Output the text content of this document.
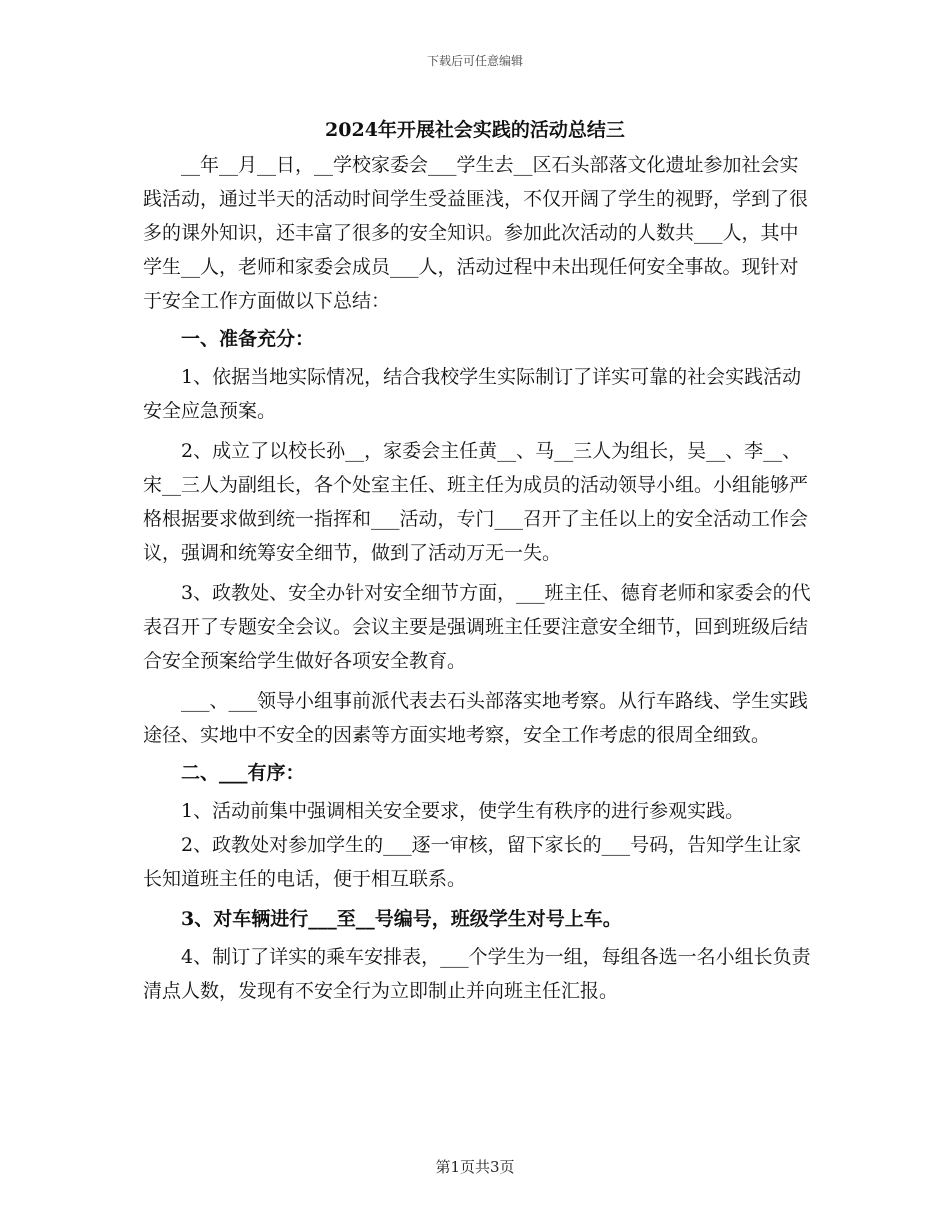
下载后可任意编辑
2024年开展社会实践的活动总结三

__年__月__日，__学校家委会___学生去__区石头部落文化遗址参加社会实践活动，通过半天的活动时间学生受益匪浅，不仅开阔了学生的视野，学到了很多的课外知识，还丰富了很多的安全知识。参加此次活动的人数共___人，其中学生__人，老师和家委会成员___人，活动过程中未出现任何安全事故。现针对于安全工作方面做以下总结：

一、准备充分：

1、依据当地实际情况，结合我校学生实际制订了详实可靠的社会实践活动安全应急预案。

2、成立了以校长孙__，家委会主任黄__、马__三人为组长，吴__、李__、宋__三人为副组长，各个处室主任、班主任为成员的活动领导小组。小组能够严格根据要求做到统一指挥和___活动，专门___召开了主任以上的安全活动工作会议，强调和统筹安全细节，做到了活动万无一失。

3、政教处、安全办针对安全细节方面，___班主任、德育老师和家委会的代表召开了专题安全会议。会议主要是强调班主任要注意安全细节，回到班级后结合安全预案给学生做好各项安全教育。

___、___领导小组事前派代表去石头部落实地考察。从行车路线、学生实践途径、实地中不安全的因素等方面实地考察，安全工作考虑的很周全细致。

二、___有序：

1、活动前集中强调相关安全要求，使学生有秩序的进行参观实践。

2、政教处对参加学生的___逐一审核，留下家长的___号码，告知学生让家长知道班主任的电话，便于相互联系。

3、对车辆进行___至__号编号，班级学生对号上车。

4、制订了详实的乘车安排表，___个学生为一组，每组各选一名小组长负责清点人数，发现有不安全行为立即制止并向班主任汇报。

第1页共3页
